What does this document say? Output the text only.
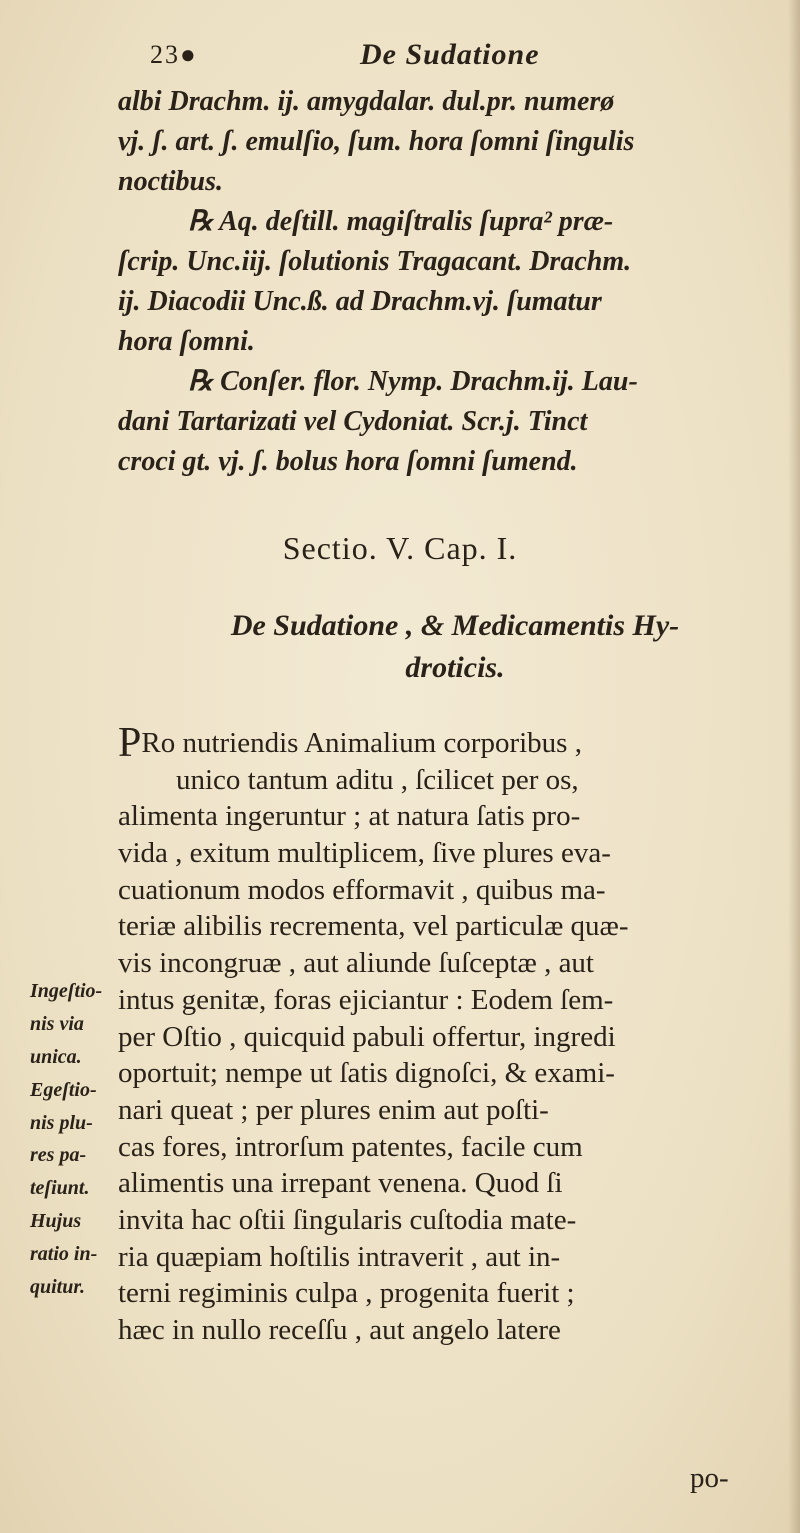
23●	De Sudatione
albi Drachm. ij. amygdalar. dul.pr. numerø
vj. ʃ. art. ʃ. emulſio, ſum. hora ſomni ſingulis
noctibus.
℞ Aq. deſtill. magiſtralis ſupra² præ-
ſcrip. Unc.iij. ſolutionis Tragacant. Drachm.
ij. Diacodii Unc.ß. ad Drachm.vj. ſumatur
hora ſomni.
℞ Conſer. flor. Nymp. Drachm.ij. Lau-
dani Tartarizati vel Cydoniat. Scr.j. Tinct
croci gt. vj. ʃ. bolus hora ſomni ſumend.
Sectio. V. Cap. I.
De Sudatione , & Medicamentis Hy-
droticis.
PRo nutriendis Animalium corporibus ,
unico tantum aditu , ſcilicet per os,
alimenta ingeruntur ; at natura ſatis pro-
vida , exitum multiplicem, ſive plures eva-
cuationum modos efformavit , quibus ma-
teriæ alibilis recrementa, vel particulæ quæ-
vis incongruæ , aut aliunde ſuſceptæ , aut
intus genitæ, foras ejiciantur : Eodem ſem-
per Oſtio , quicquid pabuli offertur, ingredi
oportuit; nempe ut ſatis dignoſci, & exami-
nari queat ; per plures enim aut poſti-
cas fores, introrſum patentes, facile cum
alimentis una irrepant venena. Quod ſi
invita hac oſtii ſingularis cuſtodia mate-
ria quæpiam hoſtilis intraverit , aut in-
terni regiminis culpa , progenita fuerit ;
hæc in nullo receſſu , aut angelo latere
Ingeſtio-
nis via
unica.
Egeſtio-
nis plu-
res pa-
teſiunt.
Hujus
ratio in-
quitur.
po-
